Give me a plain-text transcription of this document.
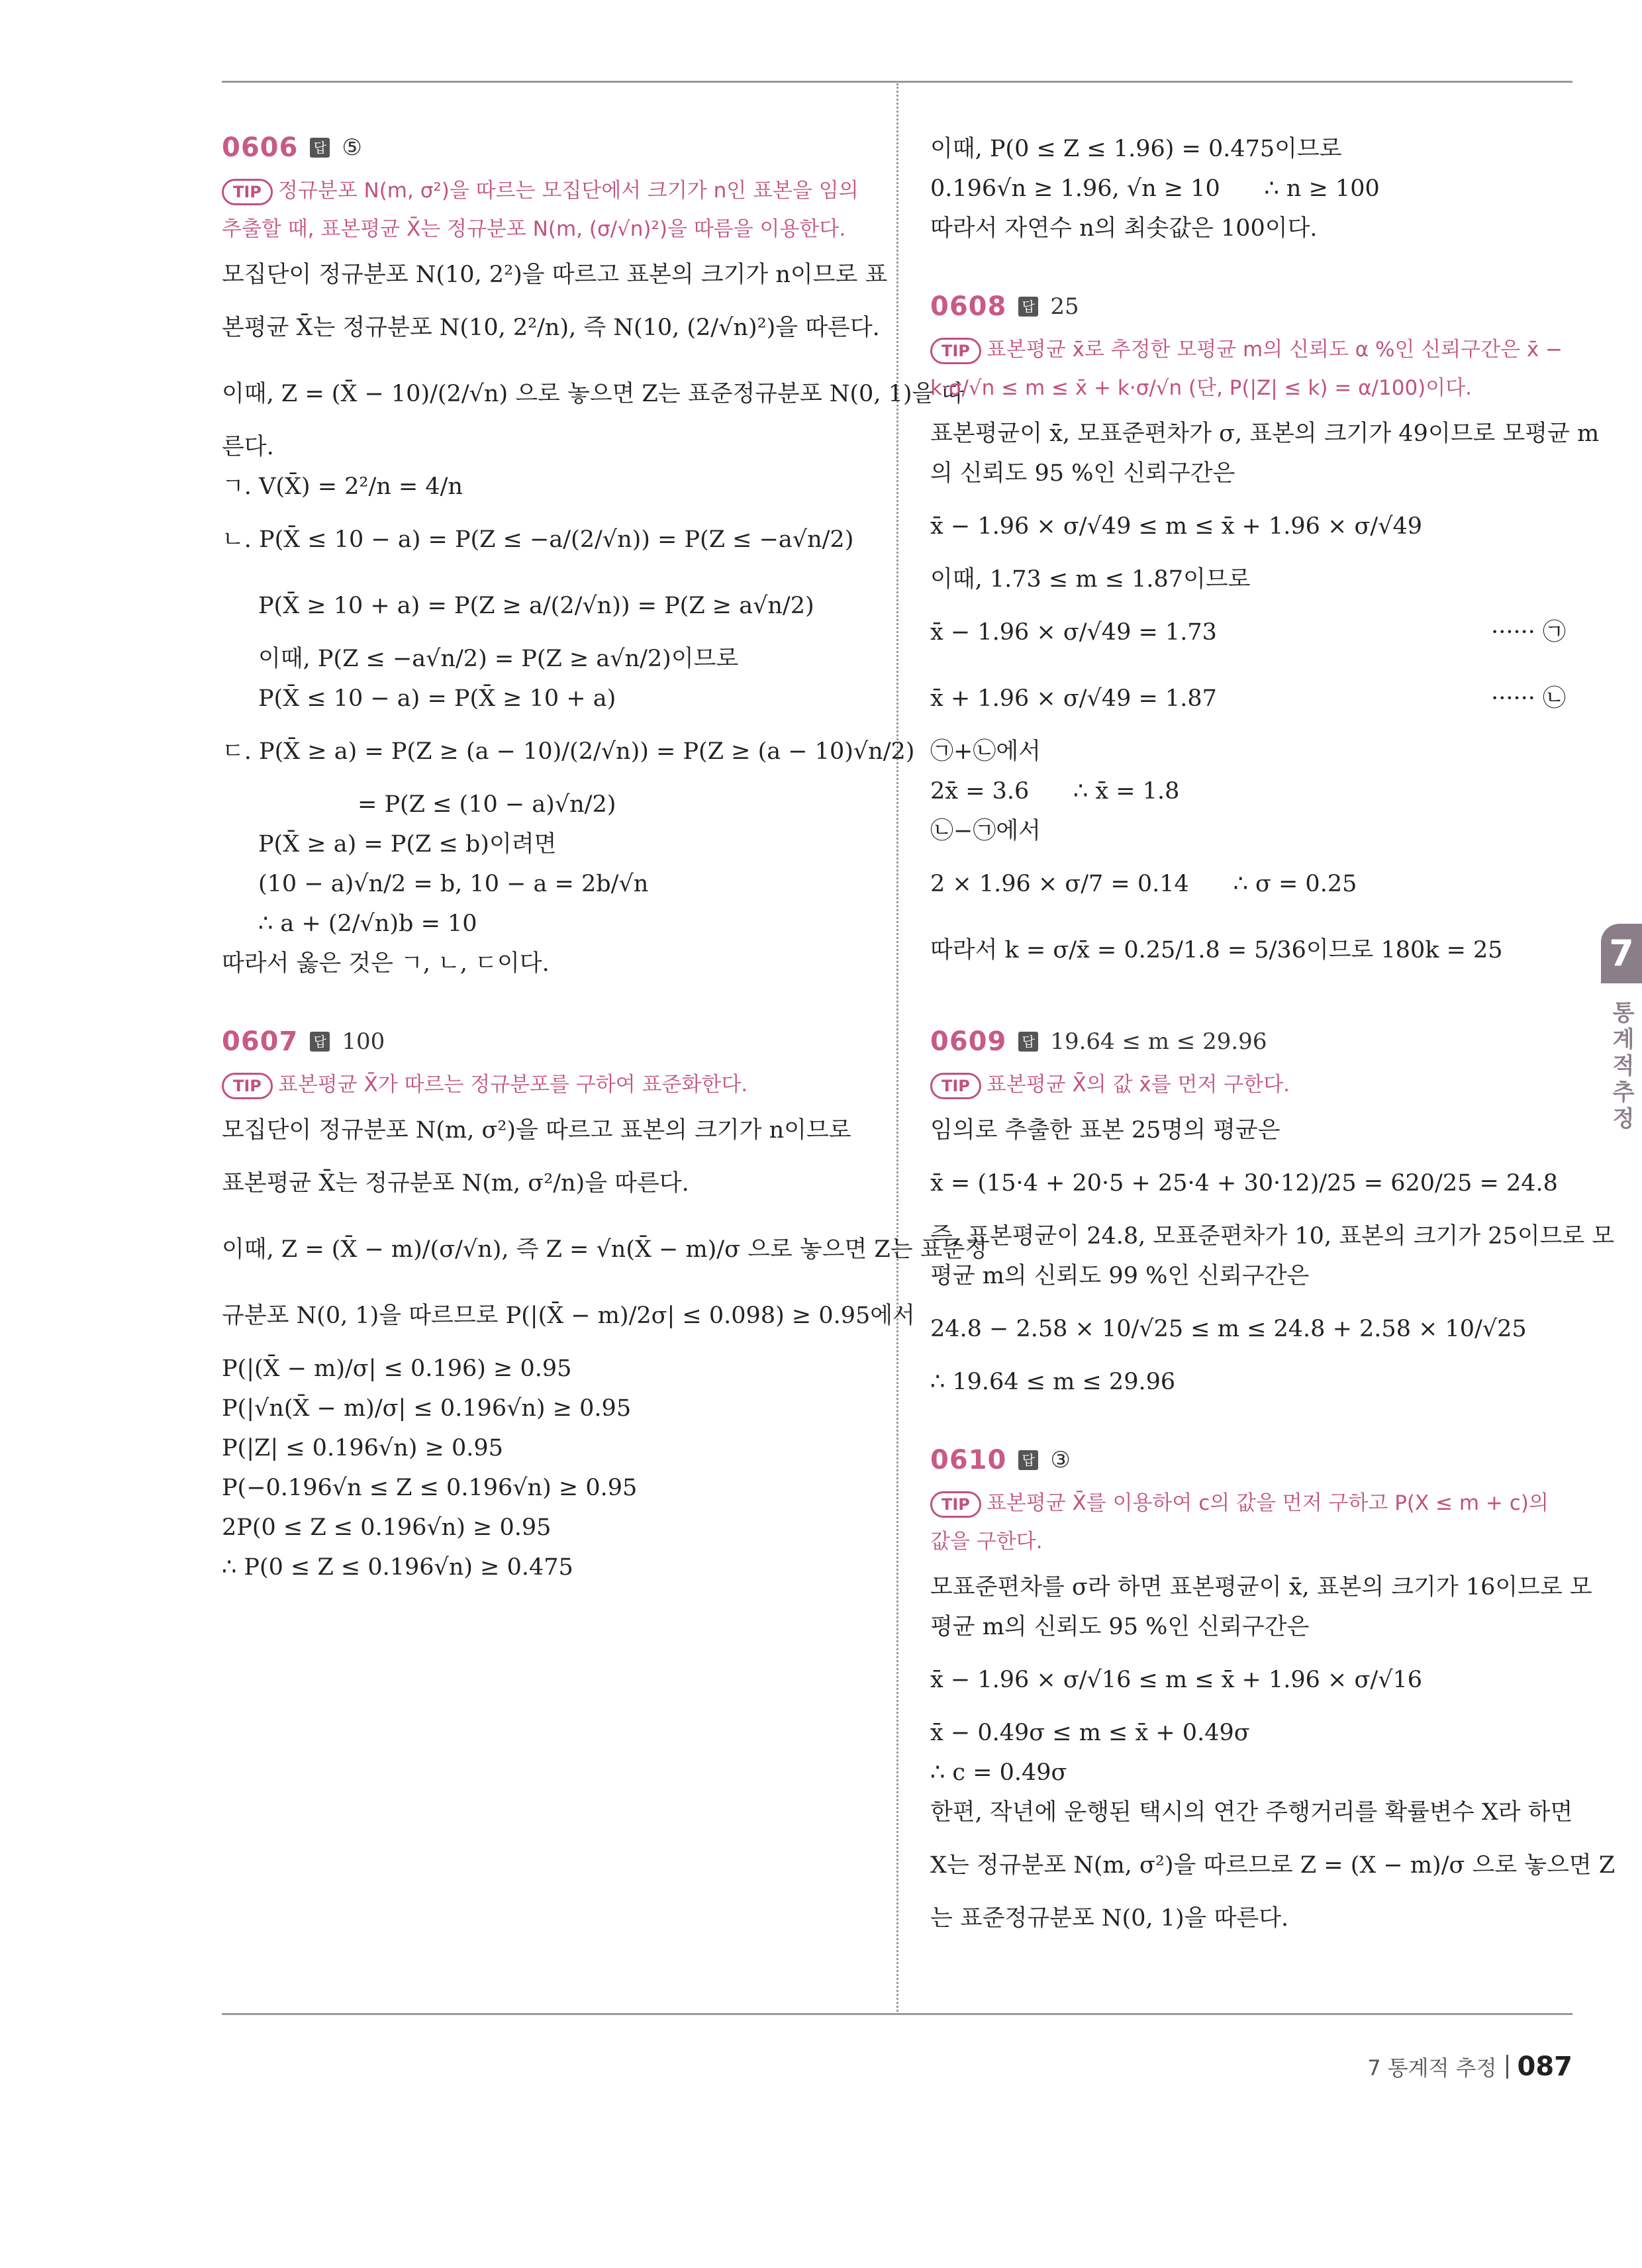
0606 답 ⑤
TIP 정규분포 N(m, σ²)을 따르는 모집단에서 크기가 n인 표본을 임의추출할 때, 표본평균 X̄는 정규분포 N(m, (σ/√n)²)을 따름을 이용한다.
모집단이 정규분포 N(10, 2²)을 따르고 표본의 크기가 n이므로 표
본평균 X̄는 정규분포 N(10, 2²/n), 즉 N(10, (2/√n)²)을 따른다.
이때, Z = (X̄ − 10)/(2/√n) 으로 놓으면 Z는 표준정규분포 N(0, 1)을 따
른다.
ㄱ. V(X̄) = 2²/n = 4/n
ㄴ. P(X̄ ≤ 10 − a) = P(Z ≤ −a/(2/√n)) = P(Z ≤ −a√n/2)
P(X̄ ≥ 10 + a) = P(Z ≥ a/(2/√n)) = P(Z ≥ a√n/2)
이때, P(Z ≤ −a√n/2) = P(Z ≥ a√n/2)이므로
P(X̄ ≤ 10 − a) = P(X̄ ≥ 10 + a)
ㄷ. P(X̄ ≥ a) = P(Z ≥ (a − 10)/(2/√n)) = P(Z ≥ (a − 10)√n/2)
= P(Z ≤ (10 − a)√n/2)
P(X̄ ≥ a) = P(Z ≤ b)이려면
(10 − a)√n/2 = b, 10 − a = 2b/√n
∴ a + (2/√n)b = 10
따라서 옳은 것은 ㄱ, ㄴ, ㄷ이다.
0607 답 100
TIP 표본평균 X̄가 따르는 정규분포를 구하여 표준화한다.
모집단이 정규분포 N(m, σ²)을 따르고 표본의 크기가 n이므로
표본평균 X̄는 정규분포 N(m, σ²/n)을 따른다.
이때, Z = (X̄ − m)/(σ/√n), 즉 Z = √n(X̄ − m)/σ 으로 놓으면 Z는 표준정
규분포 N(0, 1)을 따르므로 P(|(X̄ − m)/2σ| ≤ 0.098) ≥ 0.95에서
P(|(X̄ − m)/σ| ≤ 0.196) ≥ 0.95
P(|√n(X̄ − m)/σ| ≤ 0.196√n) ≥ 0.95
P(|Z| ≤ 0.196√n) ≥ 0.95
P(−0.196√n ≤ Z ≤ 0.196√n) ≥ 0.95
2P(0 ≤ Z ≤ 0.196√n) ≥ 0.95
∴ P(0 ≤ Z ≤ 0.196√n) ≥ 0.475
이때, P(0 ≤ Z ≤ 1.96) = 0.475이므로
0.196√n ≥ 1.96, √n ≥ 10      ∴ n ≥ 100
따라서 자연수 n의 최솟값은 100이다.
0608 답 25
TIP 표본평균 x̄로 추정한 모평균 m의 신뢰도 α %인 신뢰구간은 x̄ − k·σ/√n ≤ m ≤ x̄ + k·σ/√n (단, P(|Z| ≤ k) = α/100)이다.
표본평균이 x̄, 모표준편차가 σ, 표본의 크기가 49이므로 모평균 m
의 신뢰도 95 %인 신뢰구간은
x̄ − 1.96 × σ/√49 ≤ m ≤ x̄ + 1.96 × σ/√49
이때, 1.73 ≤ m ≤ 1.87이므로
x̄ − 1.96 × σ/√49 = 1.73	······ ㉠
x̄ + 1.96 × σ/√49 = 1.87	······ ㉡
㉠+㉡에서
2x̄ = 3.6      ∴ x̄ = 1.8
㉡−㉠에서
2 × 1.96 × σ/7 = 0.14      ∴ σ = 0.25
따라서 k = σ/x̄ = 0.25/1.8 = 5/36이므로 180k = 25
0609 답 19.64 ≤ m ≤ 29.96
TIP 표본평균 X̄의 값 x̄를 먼저 구한다.
임의로 추출한 표본 25명의 평균은
x̄ = (15·4 + 20·5 + 25·4 + 30·12)/25 = 620/25 = 24.8
즉, 표본평균이 24.8, 모표준편차가 10, 표본의 크기가 25이므로 모
평균 m의 신뢰도 99 %인 신뢰구간은
24.8 − 2.58 × 10/√25 ≤ m ≤ 24.8 + 2.58 × 10/√25
∴ 19.64 ≤ m ≤ 29.96
0610 답 ③
TIP 표본평균 X̄를 이용하여 c의 값을 먼저 구하고 P(X ≤ m + c)의 값을 구한다.
모표준편차를 σ라 하면 표본평균이 x̄, 표본의 크기가 16이므로 모
평균 m의 신뢰도 95 %인 신뢰구간은
x̄ − 1.96 × σ/√16 ≤ m ≤ x̄ + 1.96 × σ/√16
x̄ − 0.49σ ≤ m ≤ x̄ + 0.49σ
∴ c = 0.49σ
한편, 작년에 운행된 택시의 연간 주행거리를 확률변수 X라 하면
X는 정규분포 N(m, σ²)을 따르므로 Z = (X − m)/σ 으로 놓으면 Z
는 표준정규분포 N(0, 1)을 따른다.
7
통계적 추정
7 통계적 추정 087
